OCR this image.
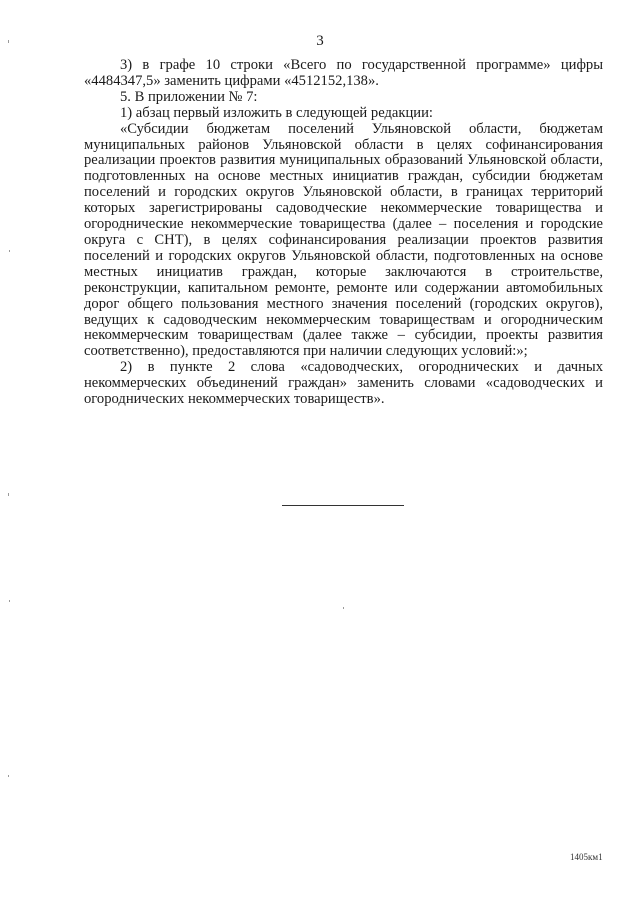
3

3) в графе 10 строки «Всего по государственной программе» цифры «4484347,5» заменить цифрами «4512152,138».

5. В приложении № 7:

1) абзац первый изложить в следующей редакции:

«Субсидии бюджетам поселений Ульяновской области, бюджетам муниципальных районов Ульяновской области в целях софинансирования реализации проектов развития муниципальных образований Ульяновской области, подготовленных на основе местных инициатив граждан, субсидии бюджетам поселений и городских округов Ульяновской области, в границах территорий которых зарегистрированы садоводческие некоммерческие товарищества и огороднические некоммерческие товарищества (далее – поселения и городские округа с СНТ), в целях софинансирования реализации проектов развития поселений и городских округов Ульяновской области, подготовленных на основе местных инициатив граждан, которые заключаются в строительстве, реконструкции, капитальном ремонте, ремонте или содержании автомобильных дорог общего пользования местного значения поселений (городских округов), ведущих к садоводческим некоммерческим товариществам и огородническим некоммерческим товариществам (далее также – субсидии, проекты развития соответственно), предоставляются при наличии следующих условий:»;

2) в пункте 2 слова «садоводческих, огороднических и дачных некоммерческих объединений граждан» заменить словами «садоводческих и огороднических некоммерческих товариществ».

1405км1
